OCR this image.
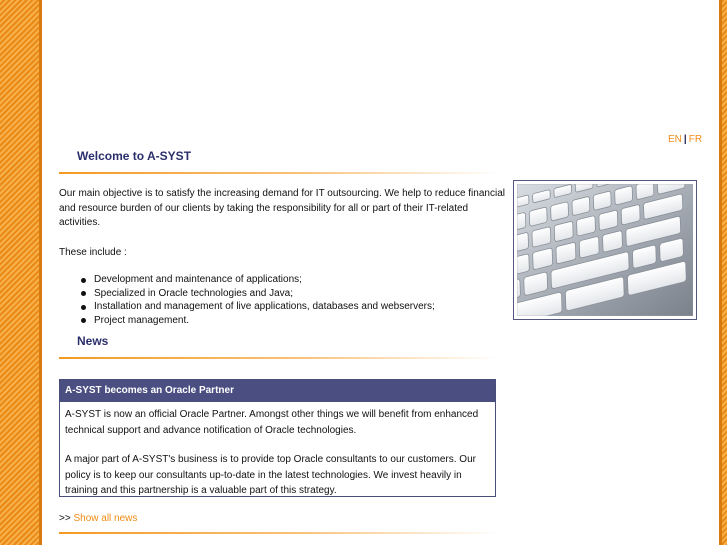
EN | FR
Welcome to A-SYST

Our main objective is to satisfy the increasing demand for IT outsourcing. We help to reduce financial and resource burden of our clients by taking the responsibility for all or part of their IT-related activities.

These include :

Development and maintenance of applications;
Specialized in Oracle technologies and Java;
Installation and management of live applications, databases and webservers;
Project management.
News
A-SYST becomes an Oracle Partner

A-SYST is now an official Oracle Partner. Amongst other things we will benefit from enhanced technical support and advance notification of Oracle technologies.

A major part of A-SYST's business is to provide top Oracle consultants to our customers. Our policy is to keep our consultants up-to-date in the latest technologies. We invest heavily in training and this partnership is a valuable part of this strategy.

>> Show all news
